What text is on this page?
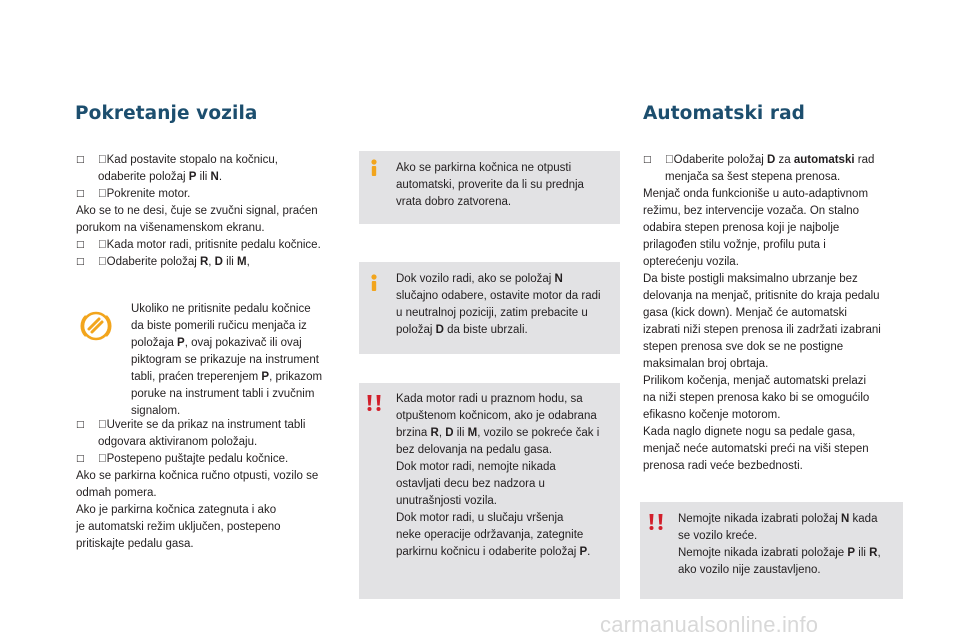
Pokretanje vozila	Automatski rad
□ Kad postavite stopalo na kočnicu,
odaberite položaj P ili N.
□ Pokrenite motor.
Ako se to ne desi, čuje se zvučni signal, praćen
porukom na višenamenskom ekranu.
□ Kada motor radi, pritisnite pedalu kočnice.
□ Odaberite položaj R, D ili M,
Ukoliko ne pritisnite pedalu kočnice
da biste pomerili ručicu menjača iz
položaja P, ovaj pokazivač ili ovaj
piktogram se prikazuje na instrument
tabli, praćen treperenjem P, prikazom
poruke na instrument tabli i zvučnim
signalom.
□ Uverite se da prikaz na instrument tabli
odgovara aktiviranom položaju.
□ Postepeno puštajte pedalu kočnice.
Ako se parkirna kočnica ručno otpusti, vozilo se
odmah pomera.
Ako je parkirna kočnica zategnuta i ako
je automatski režim uključen, postepeno
pritiskajte pedalu gasa.
Ako se parkirna kočnica ne otpusti
automatski, proverite da li su prednja
vrata dobro zatvorena.
Dok vozilo radi, ako se položaj N
slučajno odabere, ostavite motor da radi
u neutralnoj poziciji, zatim prebacite u
položaj D da biste ubrzali.
Kada motor radi u praznom hodu, sa
otpuštenom kočnicom, ako je odabrana
brzina R, D ili M, vozilo se pokreće čak i
bez delovanja na pedalu gasa.
Dok motor radi, nemojte nikada
ostavljati decu bez nadzora u
unutrašnjosti vozila.
Dok motor radi, u slučaju vršenja
neke operacije održavanja, zategnite
parkirnu kočnicu i odaberite položaj P.
□ Odaberite položaj D za automatski rad
menjača sa šest stepena prenosa.
Menjač onda funkcioniše u auto-adaptivnom
režimu, bez intervencije vozača. On stalno
odabira stepen prenosa koji je najbolje
prilagođen stilu vožnje, profilu puta i
opterećenju vozila.
Da biste postigli maksimalno ubrzanje bez
delovanja na menjač, pritisnite do kraja pedalu
gasa (kick down). Menjač će automatski
izabrati niži stepen prenosa ili zadržati izabrani
stepen prenosa sve dok se ne postigne
maksimalan broj obrtaja.
Prilikom kočenja, menjač automatski prelazi
na niži stepen prenosa kako bi se omogućilo
efikasno kočenje motorom.
Kada naglo dignete nogu sa pedale gasa,
menjač neće automatski preći na viši stepen
prenosa radi veće bezbednosti.
Nemojte nikada izabrati položaj N kada
se vozilo kreće.
Nemojte nikada izabrati položaje P ili R,
ako vozilo nije zaustavljeno.
carmanualsonline.info
